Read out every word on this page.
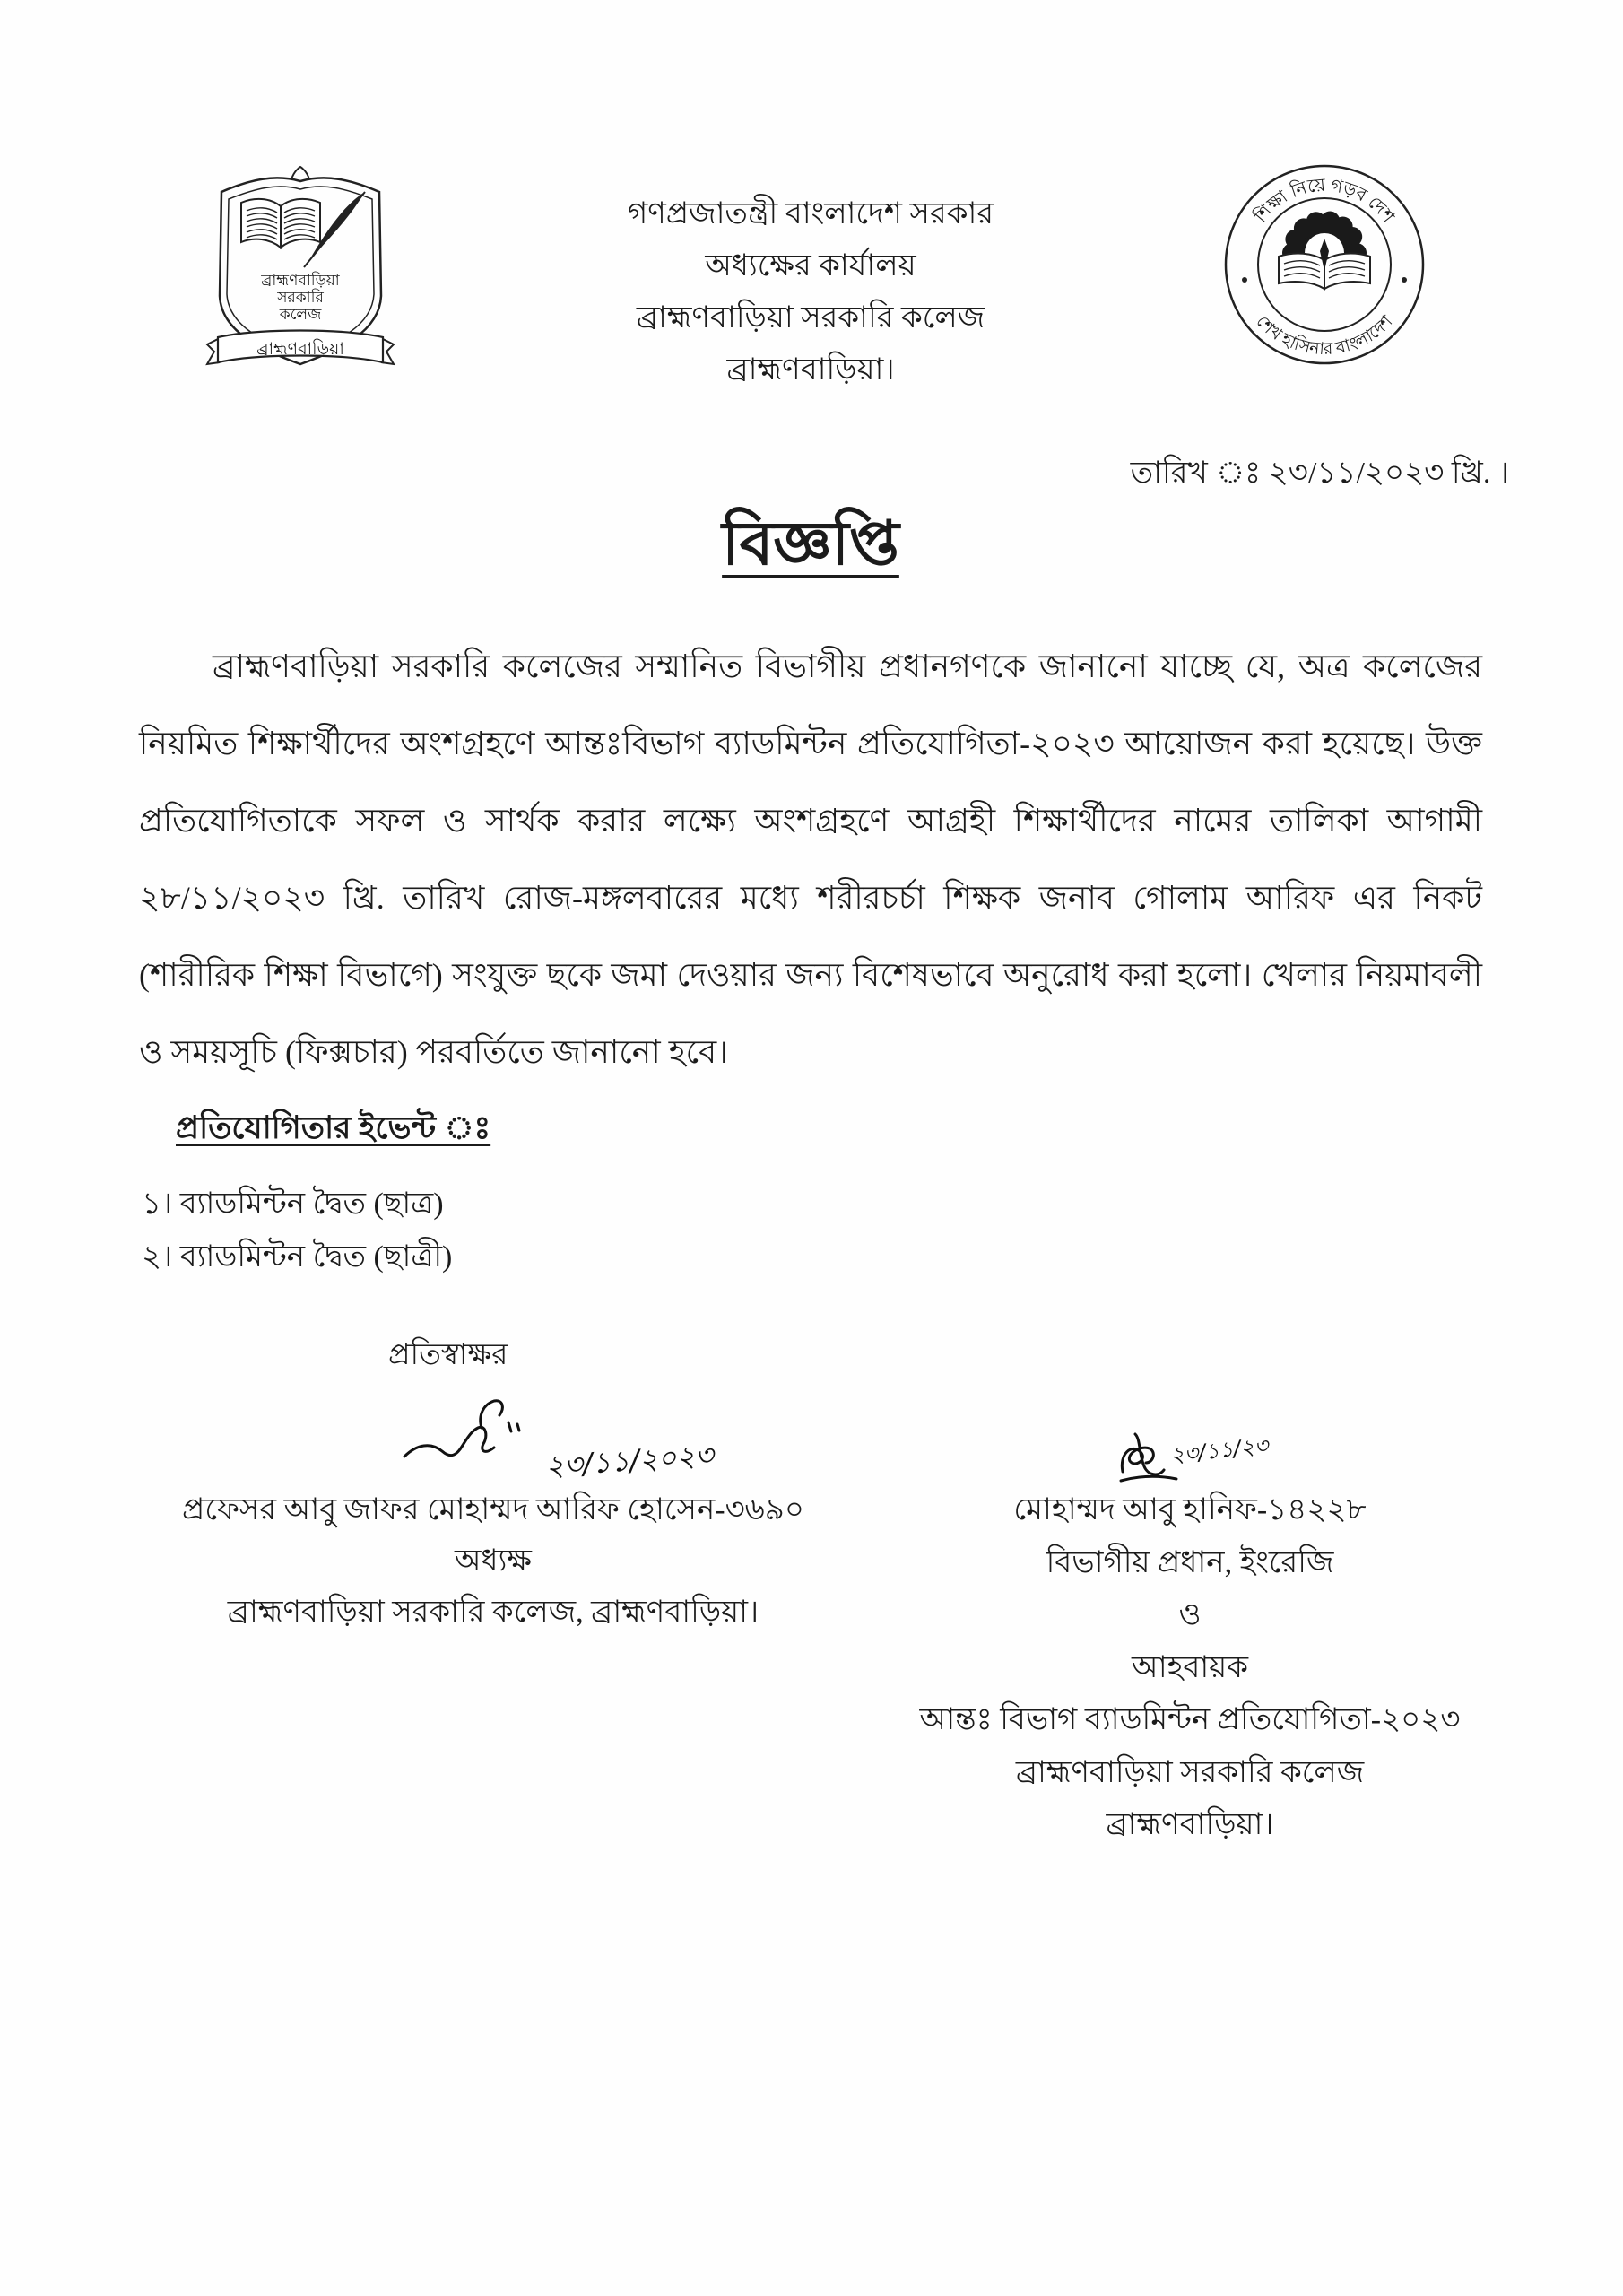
ব্রাহ্মণবাড়িয়া
সরকারি
কলেজ
ব্রাহ্মণবাড়িয়া
গণপ্রজাতন্ত্রী বাংলাদেশ সরকার
অধ্যক্ষের কার্যালয়
ব্রাহ্মণবাড়িয়া সরকারি কলেজ
ব্রাহ্মণবাড়িয়া।
শিক্ষা নিয়ে গড়ব দেশ
শেখ হাসিনার বাংলাদেশ
তারিখ ঃ ২৩/১১/২০২৩ খ্রি. ।
বিজ্ঞপ্তি

ব্রাহ্মণবাড়িয়া সরকারি কলেজের সম্মানিত বিভাগীয় প্রধানগণকে জানানো যাচ্ছে যে, অত্র কলেজের নিয়মিত শিক্ষার্থীদের অংশগ্রহণে আন্তঃবিভাগ ব্যাডমিন্টন প্রতিযোগিতা-২০২৩ আয়োজন করা হয়েছে। উক্ত প্রতিযোগিতাকে সফল ও সার্থক করার লক্ষ্যে অংশগ্রহণে আগ্রহী শিক্ষার্থীদের নামের তালিকা আগামী ২৮/১১/২০২৩ খ্রি. তারিখ রোজ-মঙ্গলবারের মধ্যে শরীরচর্চা শিক্ষক জনাব গোলাম আরিফ এর নিকট (শারীরিক শিক্ষা বিভাগে) সংযুক্ত ছকে জমা দেওয়ার জন্য বিশেষভাবে অনুরোধ করা হলো। খেলার নিয়মাবলী ও সময়সূচি (ফিক্সচার) পরবর্তিতে জানানো হবে।

প্রতিযোগিতার ইভেন্ট ঃ
১। ব্যাডমিন্টন দ্বৈত (ছাত্র)
২। ব্যাডমিন্টন দ্বৈত (ছাত্রী)
প্রতিস্বাক্ষর
২৩/১১/২০২৩
প্রফেসর আবু জাফর মোহাম্মদ আরিফ হোসেন-৩৬৯০
অধ্যক্ষ
ব্রাহ্মণবাড়িয়া সরকারি কলেজ, ব্রাহ্মণবাড়িয়া।
২৩/১১/২৩
মোহাম্মদ আবু হানিফ-১৪২২৮
বিভাগীয় প্রধান, ইংরেজি
ও
আহবায়ক
আন্তঃ বিভাগ ব্যাডমিন্টন প্রতিযোগিতা-২০২৩
ব্রাহ্মণবাড়িয়া সরকারি কলেজ
ব্রাহ্মণবাড়িয়া।
